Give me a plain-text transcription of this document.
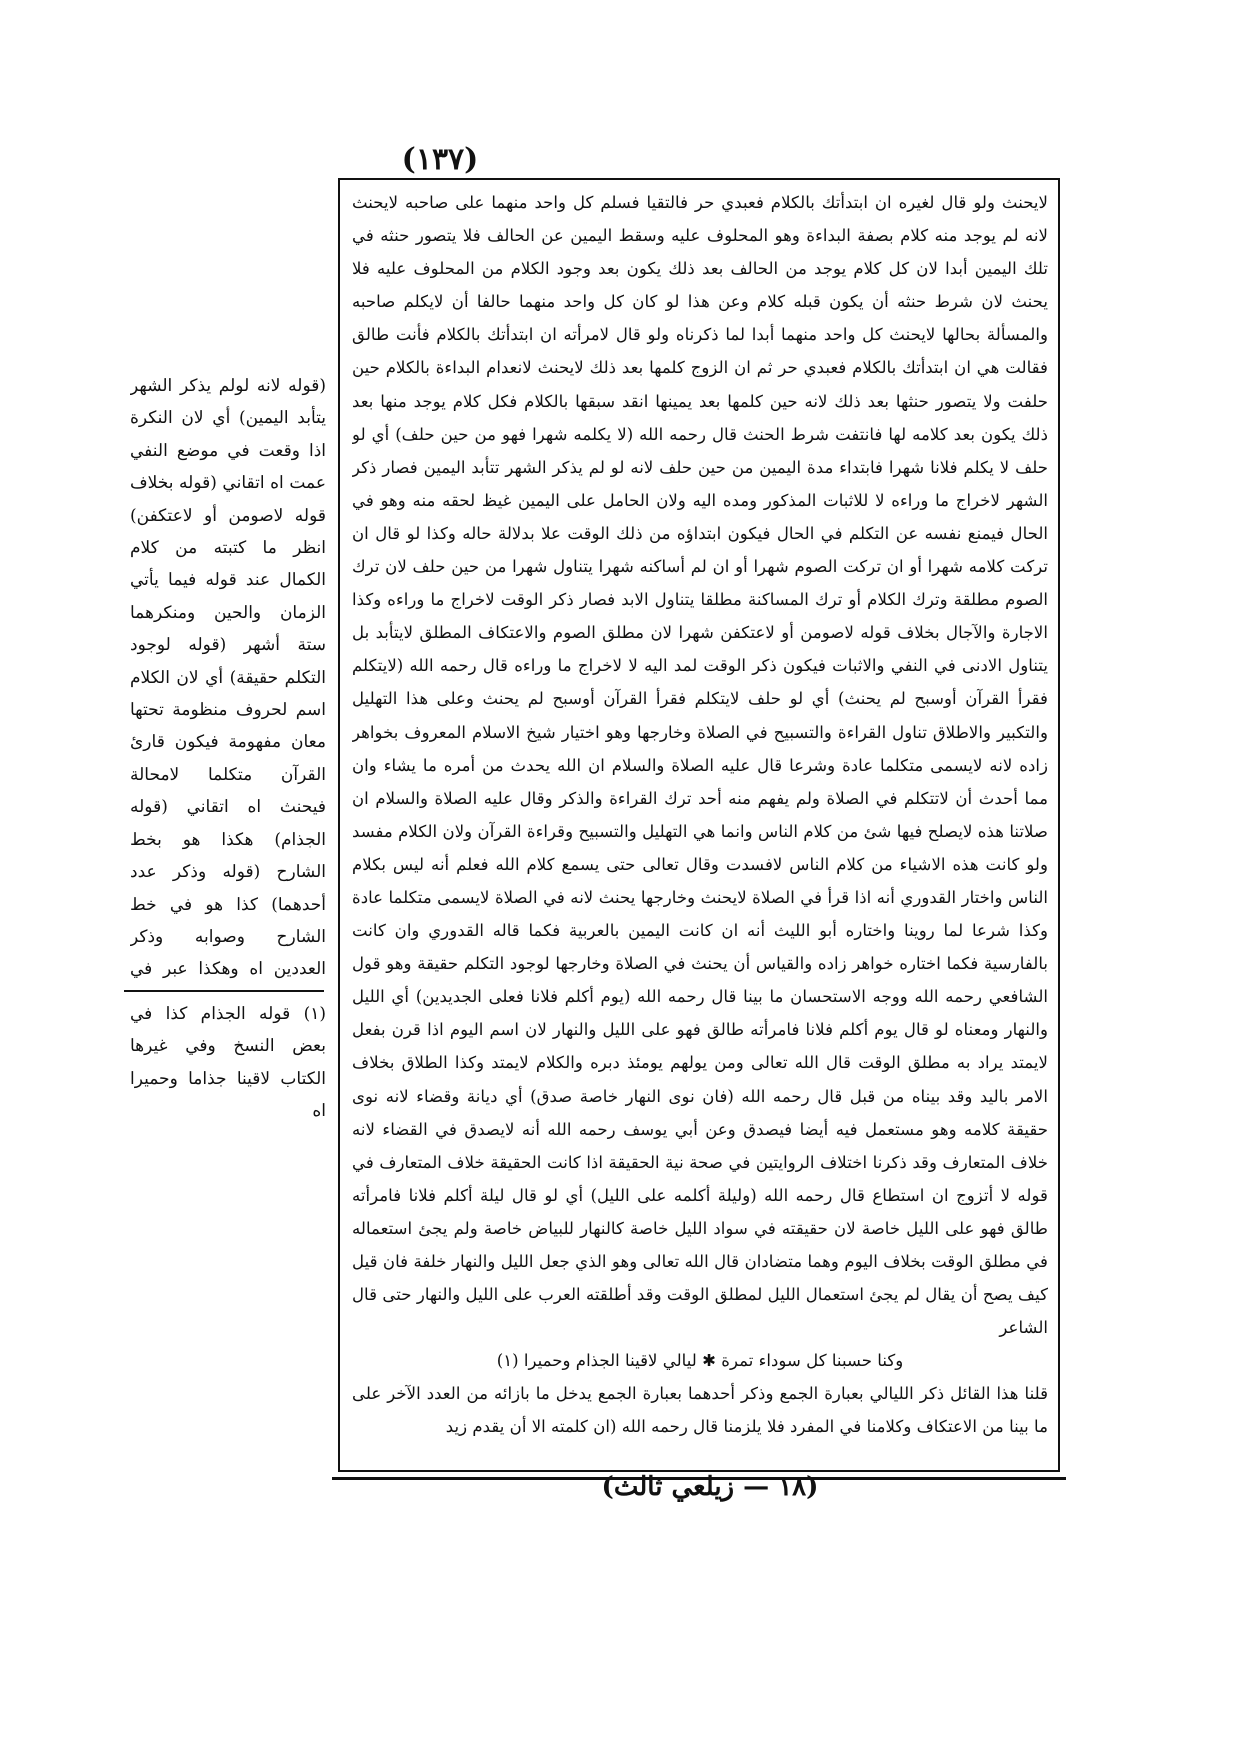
(١٣٧)
(قوله لانه لولم يذكر الشهر يتأبد اليمين) أي لان النكرة اذا وقعت في موضع النفي عمت اه اتقاني (قوله بخلاف قوله لاصومن أو لاعتكفن) انظر ما كتبته من كلام الكمال عند قوله فيما يأتي الزمان والحين ومنكرهما ستة أشهر (قوله لوجود التكلم حقيقة) أي لان الكلام اسم لحروف منظومة تحتها معان مفهومة فيكون قارئ القرآن متكلما لامحالة فيحنث اه اتقاني (قوله الجذام) هكذا هو بخط الشارح (قوله وذكر عدد أحدهما) كذا هو في خط الشارح وصوابه وذكر العددين اه وهكذا عبر في
(١) قوله الجذام كذا في بعض النسخ وفي غيرها الكتاب لاقينا جذاما وحميرا اه

لايحنث ولو قال لغيره ان ابتدأتك بالكلام فعبدي حر فالتقيا فسلم كل واحد منهما على صاحبه لايحنث لانه لم يوجد منه كلام بصفة البداءة وهو المحلوف عليه وسقط اليمين عن الحالف فلا يتصور حنثه في تلك اليمين أبدا لان كل كلام يوجد من الحالف بعد ذلك يكون بعد وجود الكلام من المحلوف عليه فلا يحنث لان شرط حنثه أن يكون قبله كلام وعن هذا لو كان كل واحد منهما حالفا أن لايكلم صاحبه والمسألة بحالها لايحنث كل واحد منهما أبدا لما ذكرناه ولو قال لامرأته ان ابتدأتك بالكلام فأنت طالق فقالت هي ان ابتدأتك بالكلام فعبدي حر ثم ان الزوج كلمها بعد ذلك لايحنث لانعدام البداءة بالكلام حين حلفت ولا يتصور حنثها بعد ذلك لانه حين كلمها بعد يمينها انقد سبقها بالكلام فكل كلام يوجد منها بعد ذلك يكون بعد كلامه لها فانتفت شرط الحنث قال رحمه الله (لا يكلمه شهرا فهو من حين حلف) أي لو حلف لا يكلم فلانا شهرا فابتداء مدة اليمين من حين حلف لانه لو لم يذكر الشهر تتأبد اليمين فصار ذكر الشهر لاخراج ما وراءه لا للاثبات المذكور ومده اليه ولان الحامل على اليمين غيظ لحقه منه وهو في الحال فيمنع نفسه عن التكلم في الحال فيكون ابتداؤه من ذلك الوقت علا بدلالة حاله وكذا لو قال ان تركت كلامه شهرا أو ان تركت الصوم شهرا أو ان لم أساكنه شهرا يتناول شهرا من حين حلف لان ترك الصوم مطلقة وترك الكلام أو ترك المساكنة مطلقا يتناول الابد فصار ذكر الوقت لاخراج ما وراءه وكذا الاجارة والآجال بخلاف قوله لاصومن أو لاعتكفن شهرا لان مطلق الصوم والاعتكاف المطلق لايتأبد بل يتناول الادنى في النفي والاثبات فيكون ذكر الوقت لمد اليه لا لاخراج ما وراءه قال رحمه الله (لايتكلم فقرأ القرآن أوسبح لم يحنث) أي لو حلف لايتكلم فقرأ القرآن أوسبح لم يحنث وعلى هذا التهليل والتكبير والاطلاق تناول القراءة والتسبيح في الصلاة وخارجها وهو اختيار شيخ الاسلام المعروف بخواهر زاده لانه لايسمى متكلما عادة وشرعا قال عليه الصلاة والسلام ان الله يحدث من أمره ما يشاء وان مما أحدث أن لاتتكلم في الصلاة ولم يفهم منه أحد ترك القراءة والذكر وقال عليه الصلاة والسلام ان صلاتنا هذه لايصلح فيها شئ من كلام الناس وانما هي التهليل والتسبيح وقراءة القرآن ولان الكلام مفسد ولو كانت هذه الاشياء من كلام الناس لافسدت وقال تعالى حتى يسمع كلام الله فعلم أنه ليس بكلام الناس واختار القدوري أنه اذا قرأ في الصلاة لايحنث وخارجها يحنث لانه في الصلاة لايسمى متكلما عادة وكذا شرعا لما روينا واختاره أبو الليث أنه ان كانت اليمين بالعربية فكما قاله القدوري وان كانت بالفارسية فكما اختاره خواهر زاده والقياس أن يحنث في الصلاة وخارجها لوجود التكلم حقيقة وهو قول الشافعي رحمه الله ووجه الاستحسان ما بينا قال رحمه الله (يوم أكلم فلانا فعلى الجديدين) أي الليل والنهار ومعناه لو قال يوم أكلم فلانا فامرأته طالق فهو على الليل والنهار لان اسم اليوم اذا قرن بفعل لايمتد يراد به مطلق الوقت قال الله تعالى ومن يولهم يومئذ دبره والكلام لايمتد وكذا الطلاق بخلاف الامر باليد وقد بيناه من قبل قال رحمه الله (فان نوى النهار خاصة صدق) أي ديانة وقضاء لانه نوى حقيقة كلامه وهو مستعمل فيه أيضا فيصدق وعن أبي يوسف رحمه الله أنه لايصدق في القضاء لانه خلاف المتعارف وقد ذكرنا اختلاف الروايتين في صحة نية الحقيقة اذا كانت الحقيقة خلاف المتعارف في قوله لا أتزوج ان استطاع قال رحمه الله (وليلة أكلمه على الليل) أي لو قال ليلة أكلم فلانا فامرأته طالق فهو على الليل خاصة لان حقيقته في سواد الليل خاصة كالنهار للبياض خاصة ولم يجئ استعماله في مطلق الوقت بخلاف اليوم وهما متضادان قال الله تعالى وهو الذي جعل الليل والنهار خلفة فان قيل كيف يصح أن يقال لم يجئ استعمال الليل لمطلق الوقت وقد أطلقته العرب على الليل والنهار حتى قال الشاعر

وكنا حسبنا كل سوداء تمرة ✱ ليالي لاقينا الجذام وحميرا (١)

قلنا هذا القائل ذكر الليالي بعبارة الجمع وذكر أحدهما بعبارة الجمع يدخل ما بازائه من العدد الآخر على ما بينا من الاعتكاف وكلامنا في المفرد فلا يلزمنا قال رحمه الله (ان كلمته الا أن يقدم زيد

(١٨ — زيلعي ثالث)
